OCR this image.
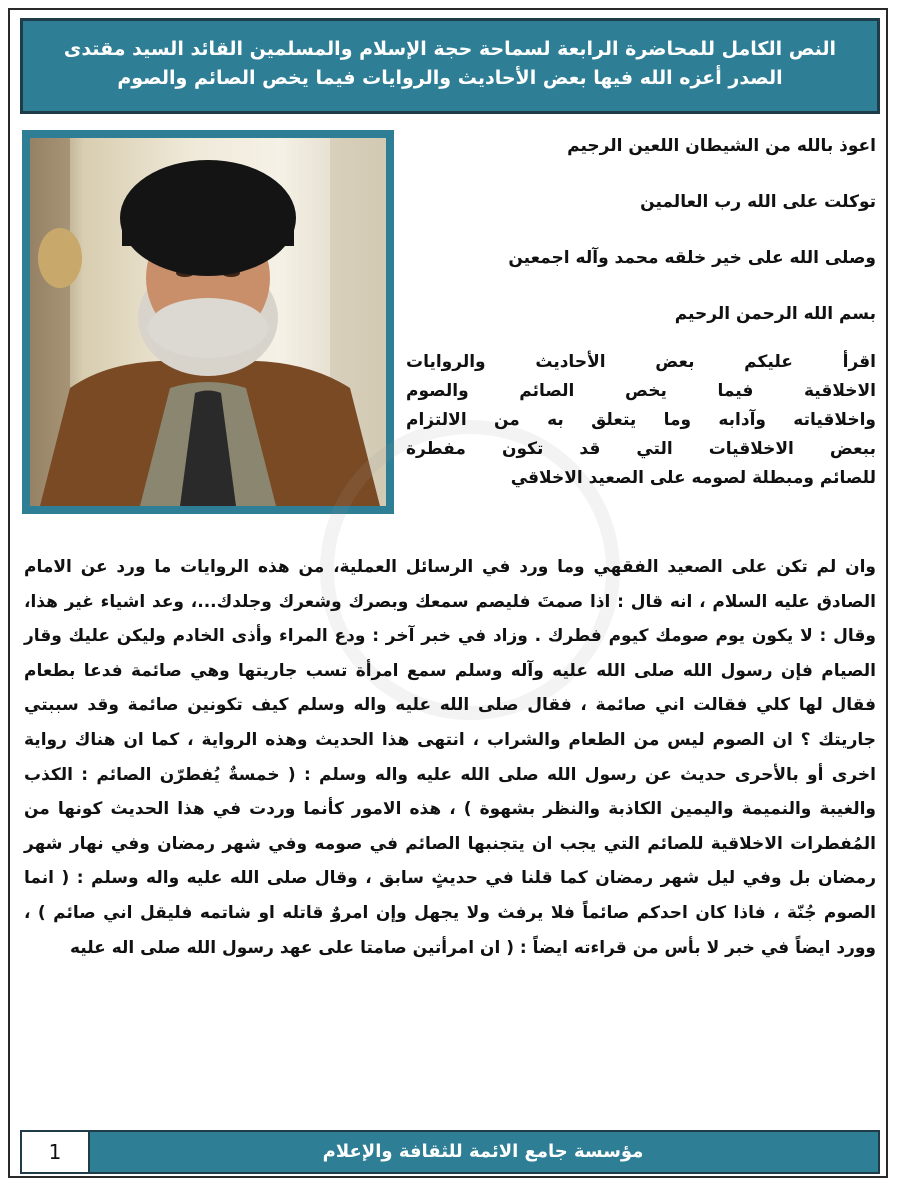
النص الكامل للمحاضرة الرابعة لسماحة حجة الإسلام والمسلمين القائد السيد مقتدى الصدر أعزه الله فيها بعض الأحاديث والروايات فيما يخص الصائم والصوم

اعوذ بالله من الشيطان اللعين الرجيم

توكلت على الله رب العالمين

وصلى الله على خير خلقه محمد وآله اجمعين

بسم الله الرحمن الرحيم

اقرأ عليكم بعض الأحاديث والروايات
الاخلاقية فيما يخص الصائم والصوم
واخلاقياته وآدابه وما يتعلق به من الالتزام
ببعض الاخلاقيات التي قد تكون مفطرة
للصائم ومبطلة لصومه على الصعيد الاخلاقي

وان لم تكن على الصعيد الفقهي وما ورد في الرسائل العملية، من هذه الروايات ما ورد عن الامام الصادق عليه السلام ، انه قال : اذا صمتَ فليصم سمعك وبصرك وشعرك وجلدك...، وعد اشياء غير هذا، وقال : لا يكون يوم صومك كيوم فطرك . وزاد في خبر آخر : ودع المراء وأذى الخادم وليكن عليك وقار الصيام فإن رسول الله صلى الله عليه وآله وسلم سمع امرأة تسب جاريتها وهي صائمة فدعا بطعام فقال لها كلي فقالت اني صائمة ، فقال صلى الله عليه واله وسلم كيف تكونين صائمة وقد سببتي جاريتك ؟ ان الصوم ليس من الطعام والشراب ، انتهى هذا الحديث وهذه الرواية ، كما ان هناك رواية اخرى أو بالأحرى حديث عن رسول الله صلى الله عليه واله وسلم : ( خمسةٌ يُفطرّن الصائم : الكذب والغيبة والنميمة واليمين الكاذبة والنظر بشهوة ) ، هذه الامور كأنما وردت في هذا الحديث كونها من المُفطرات الاخلاقية للصائم التي يجب ان يتجنبها الصائم في صومه وفي شهر رمضان وفي نهار شهر رمضان بل وفي ليل شهر رمضان كما قلنا في حديثٍ سابق ، وقال صلى الله عليه واله وسلم : ( انما الصوم جُنّة ، فاذا كان احدكم صائماً فلا يرفث ولا يجهل وإن امروٌ قاتله او شاتمه فليقل اني صائم ) ، وورد ايضاً في خبر لا بأس من قراءته ايضاً : ( ان امرأتين صامتا على عهد رسول الله صلى اله عليه

1	مؤسسة جامع الائمة للثقافة والإعلام
